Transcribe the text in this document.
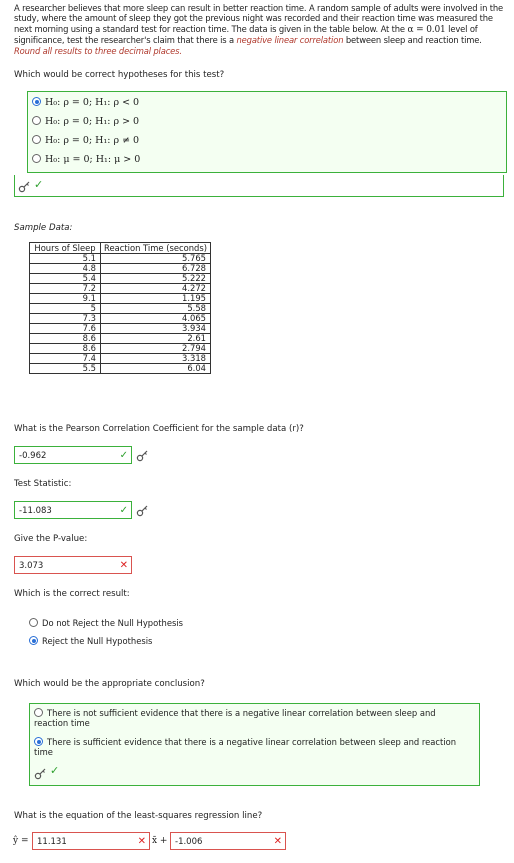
A researcher believes that more sleep can result in better reaction time. A random sample of adults were involved in the study, where the amount of sleep they got the previous night was recorded and their reaction time was measured the next morning using a standard test for reaction time. The data is given in the table below. At the α = 0.01 level of significance, test the researcher's claim that there is a negative linear correlation between sleep and reaction time. Round all results to three decimal places.
Which would be correct hypotheses for this test?
H₀: ρ = 0; H₁: ρ < 0
H₀: ρ = 0; H₁: ρ > 0
H₀: ρ = 0; H₁: ρ ≠ 0
H₀: μ = 0; H₁: μ > 0
✓
Sample Data:
Hours of Sleep	Reaction Time (seconds)
5.1	5.765
4.8	6.728
5.4	5.222
7.2	4.272
9.1	1.195
5	5.58
7.3	4.065
7.6	3.934
8.6	2.61
8.6	2.794
7.4	3.318
5.5	6.04
What is the Pearson Correlation Coefficient for the sample data (r)?
-0.962	✓
Test Statistic:
-11.083	✓
Give the P-value:
3.073	✕
Which is the correct result:
Do not Reject the Null Hypothesis
Reject the Null Hypothesis
Which would be the appropriate conclusion?
There is not sufficient evidence that there is a negative linear correlation between sleep and reaction time
There is sufficient evidence that there is a negative linear correlation between sleep and reaction time
✓
What is the equation of the least-squares regression line?
ŷ =	11.131	✕ x̄ + -1.006	✕
